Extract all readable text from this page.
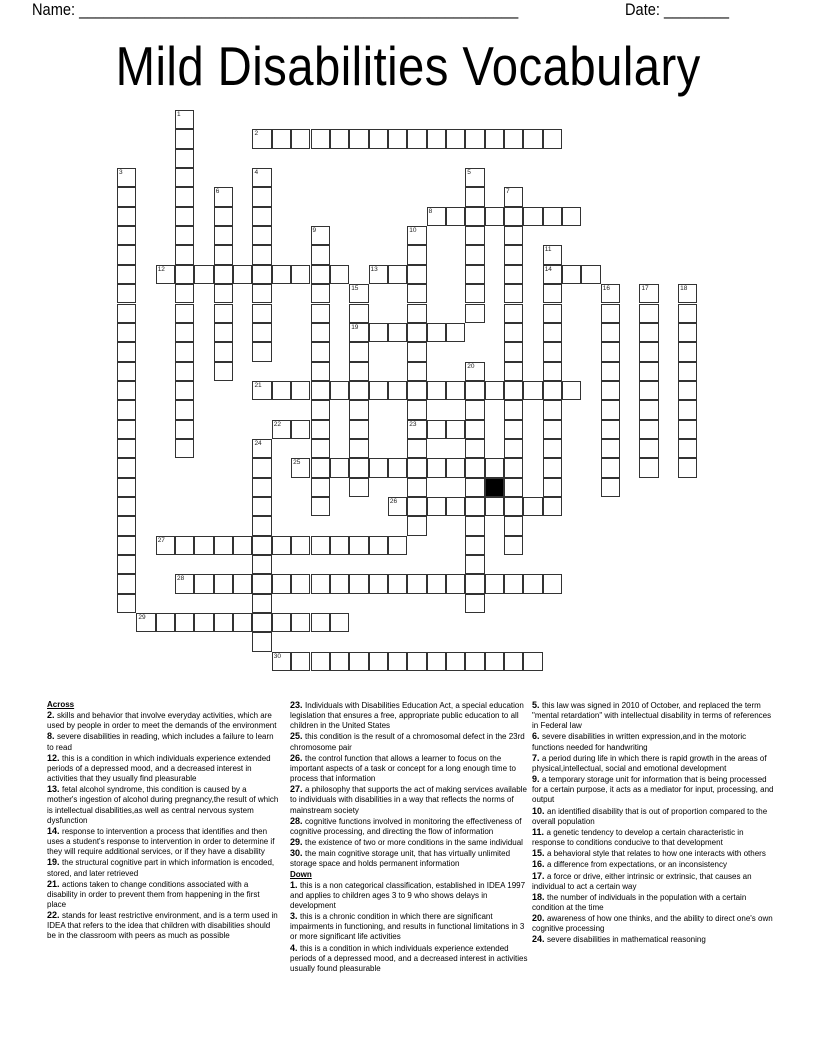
Name: ______________________________________________________	Date: ________
Mild Disabilities Vocabulary
1
2
3	4	5
6	7
8
9	10
23
11
14
12	13
15
19
16	17	18
20
21
22
24
25
26
27
28
29
30
Across
2 . skills and behavior that involve everyday activities, which are used by people in order to meet the demands of the environment
8 . severe disabilities in reading, which includes a failure to learn to read
12 . this is a condition in which individuals experience extended periods of a depressed mood, and a decreased interest in activities that they usually find pleasurable
13 . fetal alcohol syndrome, this condition is caused by a mother's ingestion of alcohol during pregnancy,the result of which is intellectual disabilities,as well as central nervous system dysfunction
14 . response to intervention a process that identifies and then uses a student's response to intervention in order to determine if they will require additional services, or if they have a disability
19 . the structural cognitive part in which information is encoded, stored, and later retrieved
21 . actions taken to change conditions associated with a disability in order to prevent them from happening in the first place
22 . stands for least restrictive environment, and is a term used in IDEA that refers to the idea that children with disabilities should be in the classroom with peers as much as possible
23 . Individuals with Disabilities Education Act, a special education legislation that ensures a free, appropriate public education to all children in the United States
25 . this condition is the result of a chromosomal defect in the 23rd chromosome pair
26 . the control function that allows a learner to focus on the important aspects of a task or concept for a long enough time to process that information
27 . a philosophy that supports the act of making services available to individuals with disabilities in a way that reflects the norms of mainstream society
28 . cognitive functions involved in monitoring the effectiveness of cognitive processing, and directing the flow of information
29 . the existence of two or more conditions in the same individual
30 . the main cognitive storage unit, that has virtually unlimited storage space and holds permanent information
Down
1 . this is a non categorical classification, established in IDEA 1997 and applies to children ages 3 to 9 who shows delays in development
3 . this is a chronic condition in which there are significant impairments in functioning, and results in functional limitations in 3 or more significant life activities
4 . this is a condition in which individuals experience extended periods of a depressed mood, and a decreased interest in activities usually found pleasurable
5 . this law was signed in 2010 of October, and replaced the term "mental retardation" with intellectual disability in terms of references in Federal law
6 . severe disabilities in written expression,and in the motoric functions needed for handwriting
7 . a period during life in which there is rapid growth in the areas of physical,intellectual, social and emotional development
9 . a temporary storage unit for information that is being processed for a certain purpose, it acts as a mediator for input, processing, and output
10 . an identified disability that is out of proportion compared to the overall population
11 . a genetic tendency to develop a certain characteristic in response to conditions conducive to that development
15 . a behavioral style that relates to how one interacts with others
16 . a difference from expectations, or an inconsistency
17 . a force or drive, either intrinsic or extrinsic, that causes an individual to act a certain way
18 . the number of individuals in the population with a certain condition at the time
20 . awareness of how one thinks, and the ability to direct one's own cognitive processing
24 . severe disabilities in mathematical reasoning
